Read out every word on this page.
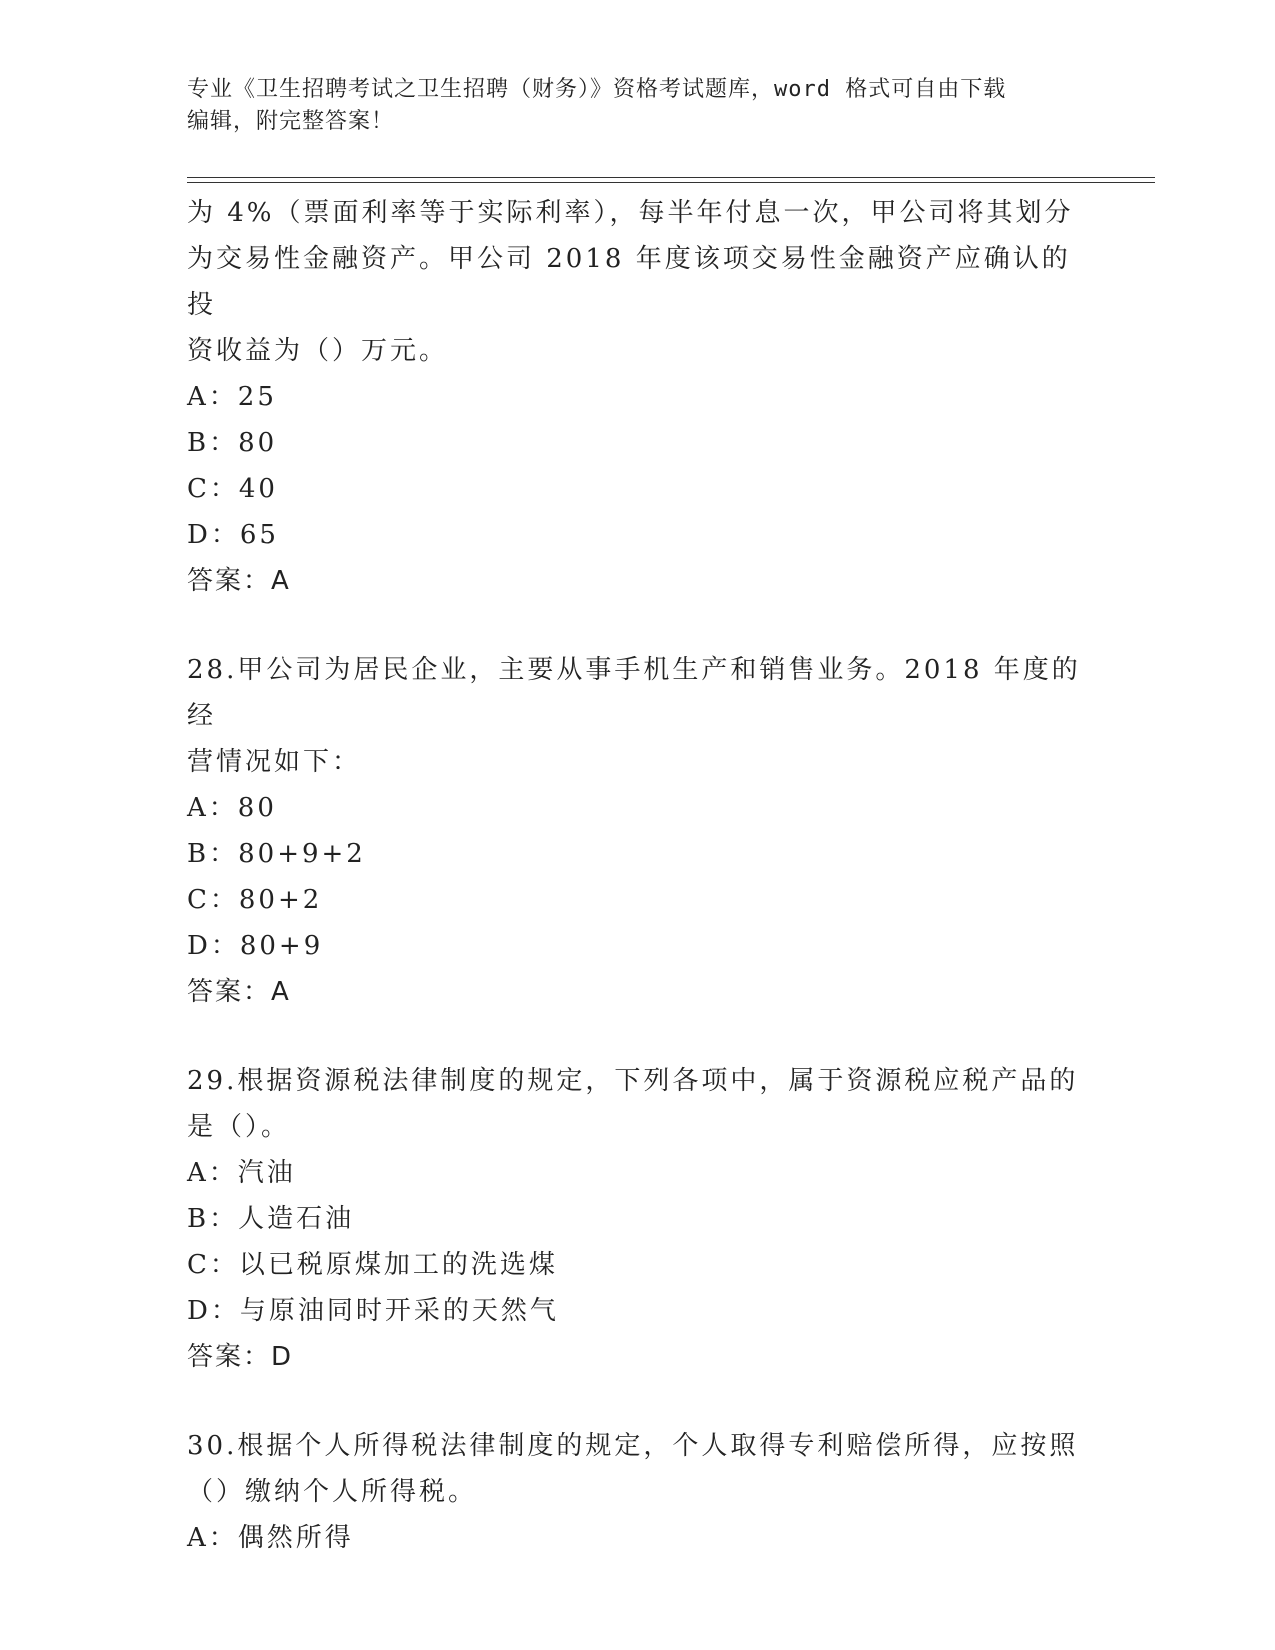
专业《卫生招聘考试之卫生招聘（财务）》资格考试题库，word 格式可自由下载
编辑，附完整答案！
为 4%（票面利率等于实际利率），每半年付息一次，甲公司将其划分
为交易性金融资产。甲公司 2018 年度该项交易性金融资产应确认的投
资收益为（）万元。
A：25
B：80
C：40
D：65
答案：A
28.甲公司为居民企业，主要从事手机生产和销售业务。2018 年度的经
营情况如下：
A：80
B：80+9+2
C：80+2
D：80+9
答案：A
29.根据资源税法律制度的规定，下列各项中，属于资源税应税产品的
是（）。
A：汽油
B：人造石油
C：以已税原煤加工的洗选煤
D：与原油同时开采的天然气
答案：D
30.根据个人所得税法律制度的规定，个人取得专利赔偿所得，应按照
（）缴纳个人所得税。
A：偶然所得
